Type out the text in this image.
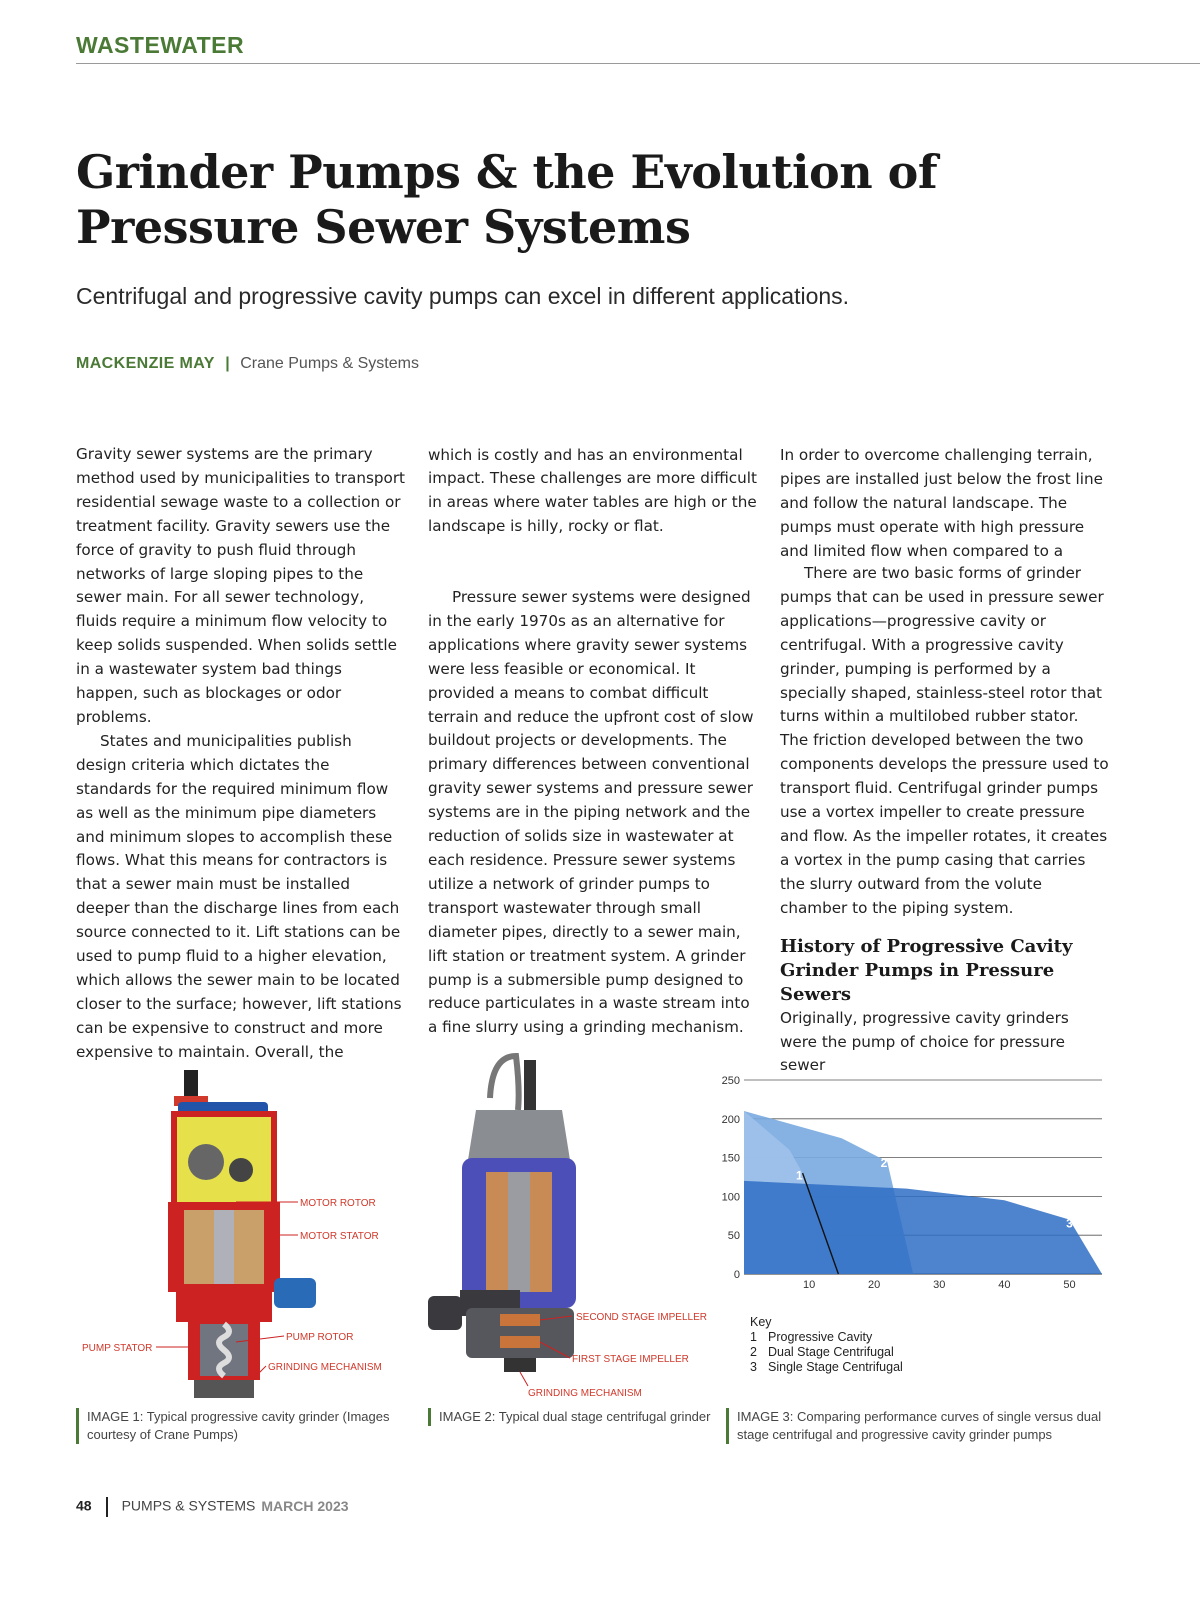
WASTEWATER
Grinder Pumps & the Evolution of
Pressure Sewer Systems
Centrifugal and progressive cavity pumps can excel in different applications.
MACKENZIE MAY | Crane Pumps & Systems

Gravity sewer systems are the primary method used by municipalities to transport residential sewage waste to a collection or treatment facility. Gravity sewers use the force of gravity to push fluid through networks of large sloping pipes to the sewer main. For all sewer technology, fluids require a minimum flow velocity to keep solids suspended. When solids settle in a wastewater system bad things happen, such as blockages or odor problems.

States and municipalities publish design criteria which dictates the standards for the required minimum flow as well as the minimum pipe diameters and minimum slopes to accomplish these flows. What this means for contractors is that a sewer main must be installed deeper than the discharge lines from each source connected to it. Lift stations can be used to pump fluid to a higher elevation, which allows the sewer main to be located closer to the surface; however, lift stations can be expensive to construct and more expensive to maintain. Overall, the

which is costly and has an environmental impact. These challenges are more difficult in areas where water tables are high or the landscape is hilly, rocky or flat.

Pressure sewer systems were designed in the early 1970s as an alternative for applications where gravity sewer systems were less feasible or economical. It provided a means to combat difficult terrain and reduce the upfront cost of slow buildout projects or developments. The primary differences between conventional gravity sewer systems and pressure sewer systems are in the piping network and the reduction of solids size in wastewater at each residence. Pressure sewer systems utilize a network of grinder pumps to transport wastewater through small diameter pipes, directly to a sewer main, lift station or treatment system. A grinder pump is a submersible pump designed to reduce particulates in a waste stream into a fine slurry using a grinding mechanism.

In order to overcome challenging terrain, pipes are installed just below the frost line and follow the natural landscape. The pumps must operate with high pressure and limited flow when compared to a

There are two basic forms of grinder pumps that can be used in pressure sewer applications—progressive cavity or centrifugal. With a progressive cavity grinder, pumping is performed by a specially shaped, stainless-steel rotor that turns within a multilobed rubber stator. The friction developed between the two components develops the pressure used to transport fluid. Centrifugal grinder pumps use a vortex impeller to create pressure and flow. As the impeller rotates, it creates a vortex in the pump casing that carries the slurry outward from the volute chamber to the piping system.

History of Progressive Cavity Grinder Pumps in Pressure Sewers

Originally, progressive cavity grinders were the pump of choice for pressure sewer

MOTOR ROTOR
MOTOR STATOR
PUMP ROTOR
PUMP STATOR
GRINDING MECHANISM
IMAGE 1: Typical progressive cavity grinder (Images courtesy of Crane Pumps)
SECOND STAGE IMPELLER
FIRST STAGE IMPELLER
GRINDING MECHANISM
IMAGE 2: Typical dual stage centrifugal grinder
1
2
3
0
50
100
150
200
250
10	20	30	40	50
Key
1 Progressive Cavity
2 Dual Stage Centrifugal
3 Single Stage Centrifugal
IMAGE 3: Comparing performance curves of single versus dual stage centrifugal and progressive cavity grinder pumps
48 PUMPS & SYSTEMS MARCH 2023
